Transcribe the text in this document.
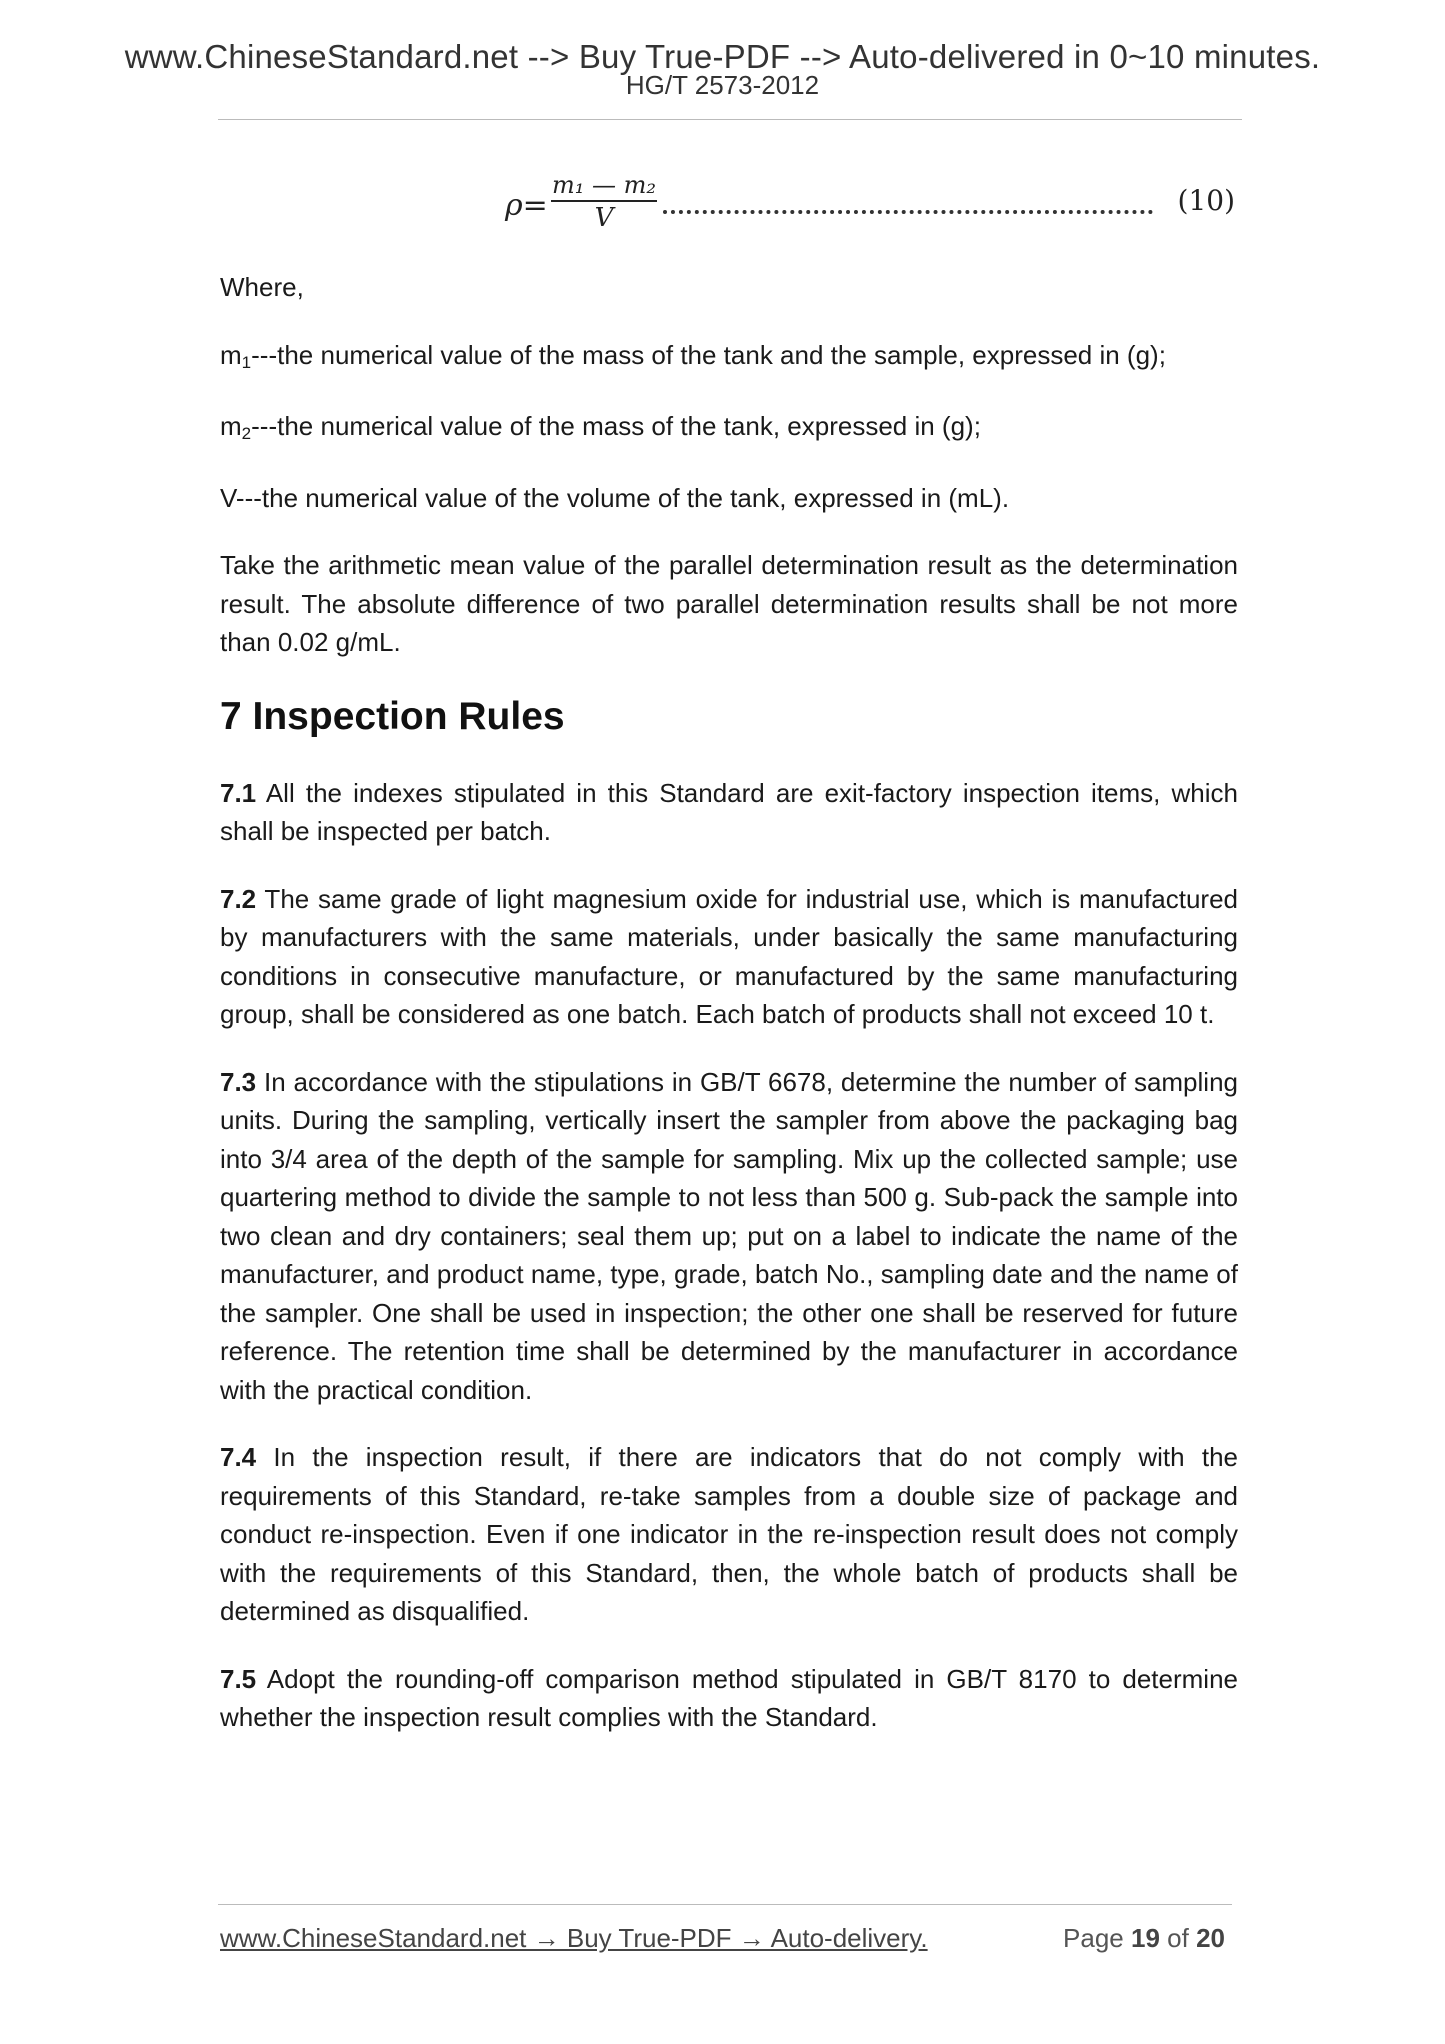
www.ChineseStandard.net --> Buy True-PDF --> Auto-delivered in 0~10 minutes.
HG/T 2573-2012
ρ=
m₁ — m₂
V
(10)

Where,

$m_1--$-the numerical value of the mass of the tank and the sample, expressed in (g);

$m_2--$-the numerical value of the mass of the tank, expressed in (g);

V---the numerical value of the volume of the tank, expressed in (mL).

Take the arithmetic mean value of the parallel determination result as the determination result. The absolute difference of two parallel determination results shall be not more than 0.02 g/mL.

7 Inspection Rules

7.1 All the indexes stipulated in this Standard are exit-factory inspection items, which shall be inspected per batch.

7.2 The same grade of light magnesium oxide for industrial use, which is manufactured by manufacturers with the same materials, under basically the same manufacturing conditions in consecutive manufacture, or manufactured by the same manufacturing group, shall be considered as one batch. Each batch of products shall not exceed 10 t.

7.3 In accordance with the stipulations in GB/T 6678, determine the number of sampling units. During the sampling, vertically insert the sampler from above the packaging bag into 3/4 area of the depth of the sample for sampling. Mix up the collected sample; use quartering method to divide the sample to not less than 500 g. Sub-pack the sample into two clean and dry containers; seal them up; put on a label to indicate the name of the manufacturer, and product name, type, grade, batch No., sampling date and the name of the sampler. One shall be used in inspection; the other one shall be reserved for future reference. The retention time shall be determined by the manufacturer in accordance with the practical condition.

7.4 In the inspection result, if there are indicators that do not comply with the requirements of this Standard, re-take samples from a double size of package and conduct re-inspection. Even if one indicator in the re-inspection result does not comply with the requirements of this Standard, then, the whole batch of products shall be determined as disqualified.

7.5 Adopt the rounding-off comparison method stipulated in GB/T 8170 to determine whether the inspection result complies with the Standard.

www.ChineseStandard.net → Buy True-PDF → Auto-delivery.	Page 19 of 20
